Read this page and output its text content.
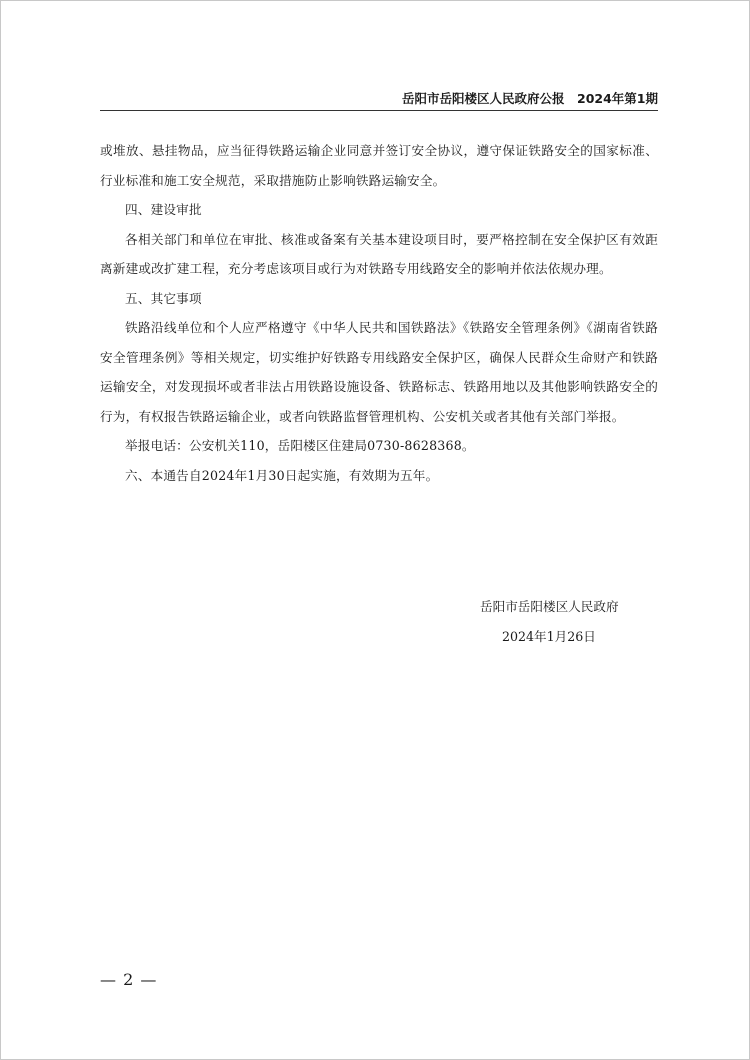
岳阳市岳阳楼区人民政府公报　2024年第1期

或堆放、悬挂物品，应当征得铁路运输企业同意并签订安全协议，遵守保证铁路安全的国家标准、行业标准和施工安全规范，采取措施防止影响铁路运输安全。

四、建设审批

各相关部门和单位在审批、核准或备案有关基本建设项目时，要严格控制在安全保护区有效距离新建或改扩建工程，充分考虑该项目或行为对铁路专用线路安全的影响并依法依规办理。

五、其它事项

铁路沿线单位和个人应严格遵守《中华人民共和国铁路法》《铁路安全管理条例》《湖南省铁路安全管理条例》等相关规定，切实维护好铁路专用线路安全保护区，确保人民群众生命财产和铁路运输安全，对发现损坏或者非法占用铁路设施设备、铁路标志、铁路用地以及其他影响铁路安全的行为，有权报告铁路运输企业，或者向铁路监督管理机构、公安机关或者其他有关部门举报。

举报电话：公安机关110，岳阳楼区住建局0730-8628368。

六、本通告自2024年1月30日起实施，有效期为五年。

岳阳市岳阳楼区人民政府
2024年1月26日
— 2 —
